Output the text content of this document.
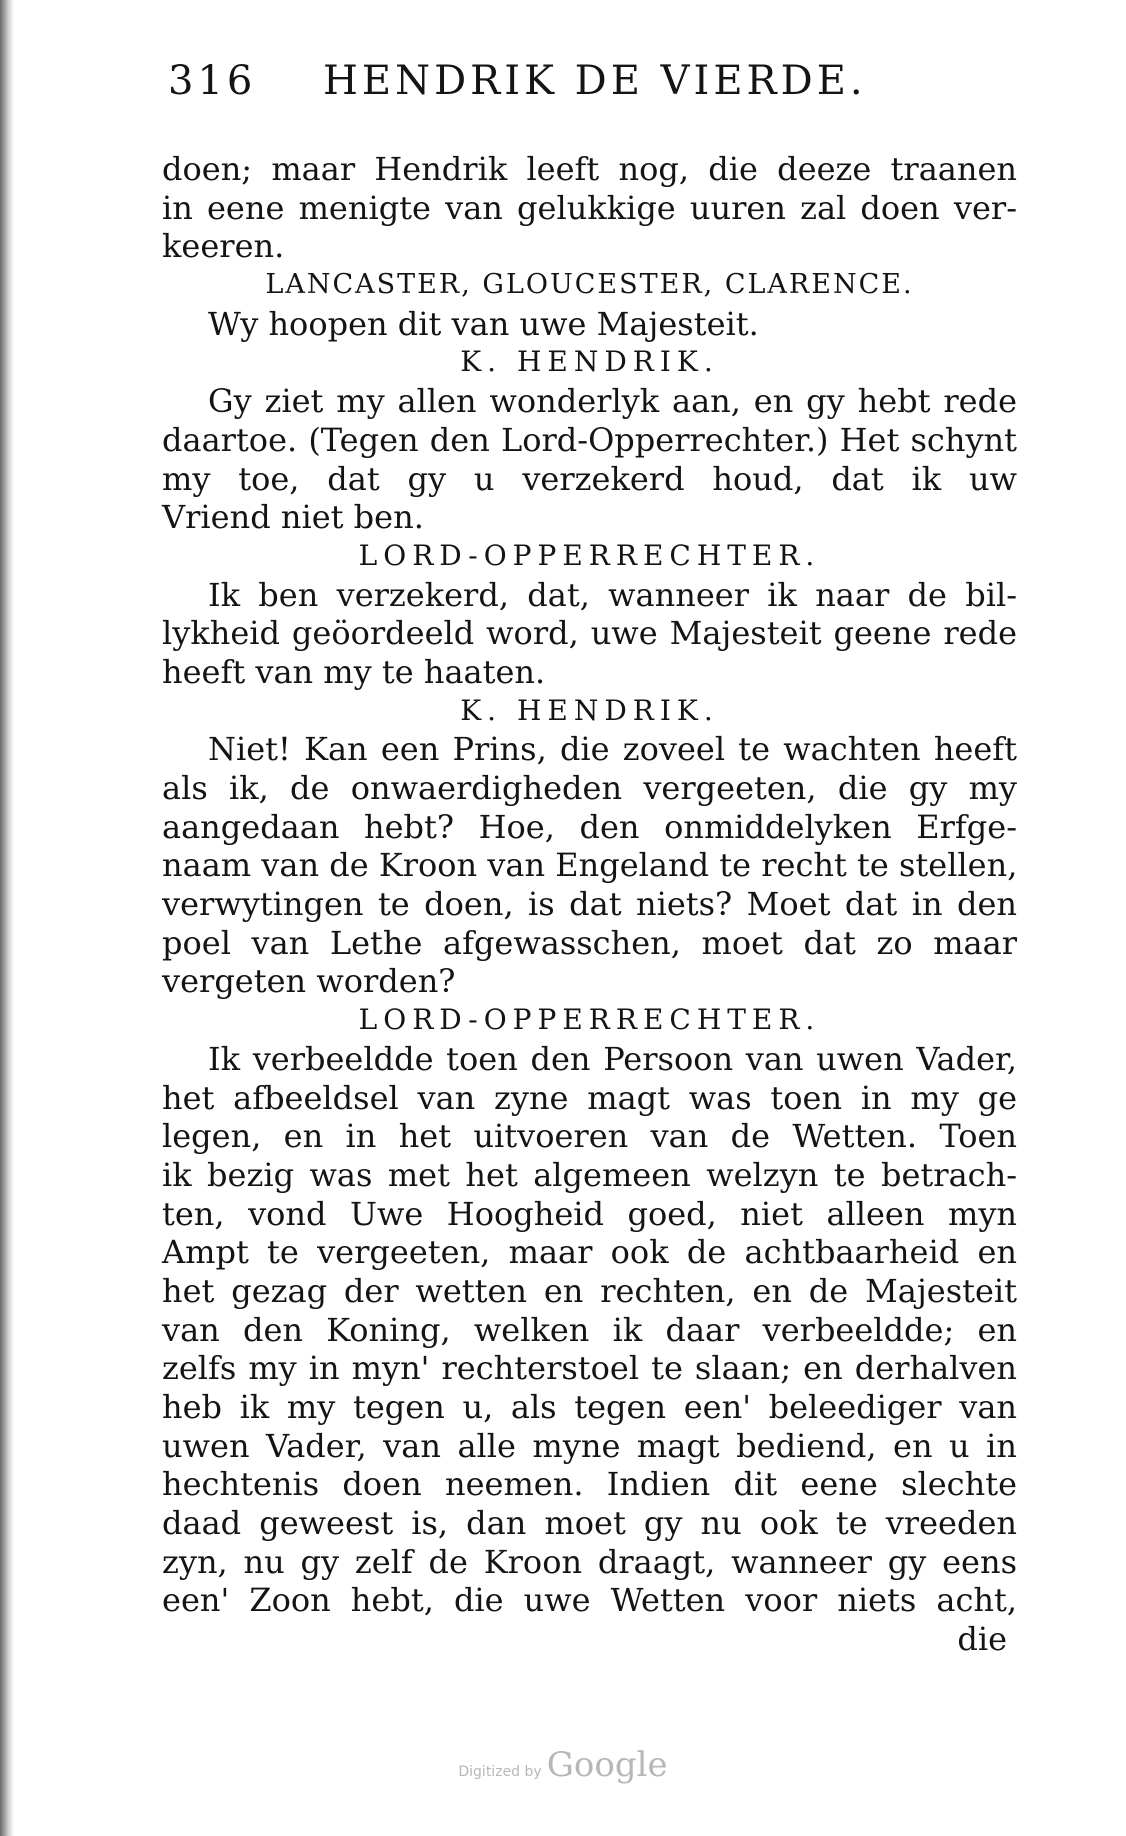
316 HENDRIK DE VIERDE.
doen; maar Hendrik leeft nog, die deeze traanen
in eene menigte van gelukkige uuren zal doen ver-
keeren.
LANCASTER, GLOUCESTER, CLARENCE.
Wy hoopen dit van uwe Majesteit.
K. HENDRIK.
Gy ziet my allen wonderlyk aan, en gy hebt rede
daartoe. (Tegen den Lord-Opperrechter.) Het schynt
my toe, dat gy u verzekerd houd, dat ik uw
Vriend niet ben.
LORD-OPPERRECHTER.
Ik ben verzekerd, dat, wanneer ik naar de bil-
lykheid geöordeeld word, uwe Majesteit geene rede
heeft van my te haaten.
K. HENDRIK.
Niet! Kan een Prins, die zoveel te wachten heeft
als ik, de onwaerdigheden vergeeten, die gy my
aangedaan hebt? Hoe, den onmiddelyken Erfge-
naam van de Kroon van Engeland te recht te stellen,
verwytingen te doen, is dat niets? Moet dat in den
poel van Lethe afgewasschen, moet dat zo maar
vergeten worden?
LORD-OPPERRECHTER.
Ik verbeeldde toen den Persoon van uwen Vader,
het afbeeldsel van zyne magt was toen in my ge
legen, en in het uitvoeren van de Wetten. Toen
ik bezig was met het algemeen welzyn te betrach-
ten, vond Uwe Hoogheid goed, niet alleen myn
Ampt te vergeeten, maar ook de achtbaarheid en
het gezag der wetten en rechten, en de Majesteit
van den Koning, welken ik daar verbeeldde; en
zelfs my in myn' rechterstoel te slaan; en derhalven
heb ik my tegen u, als tegen een' beleediger van
uwen Vader, van alle myne magt bediend, en u in
hechtenis doen neemen. Indien dit eene slechte
daad geweest is, dan moet gy nu ook te vreeden
zyn, nu gy zelf de Kroon draagt, wanneer gy eens
een' Zoon hebt, die uwe Wetten voor niets acht,
die
Digitized by Google
